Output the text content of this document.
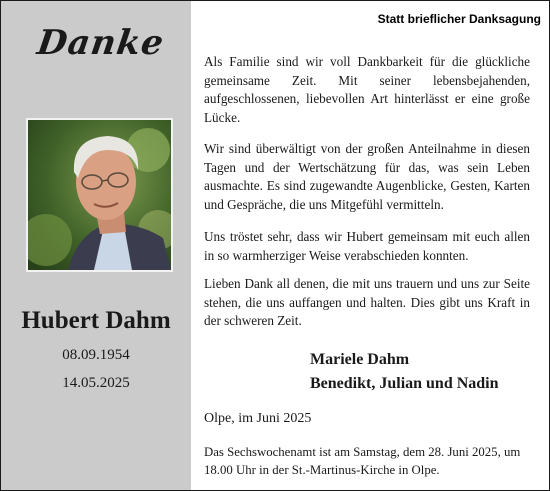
Danke
Hubert Dahm
08.09.1954
14.05.2025
Statt brieflicher Danksagung

Als Familie sind wir voll Dankbarkeit für die glückliche gemeinsame Zeit. Mit seiner lebensbejahenden, aufgeschlossenen, liebevollen Art hinterlässt er eine große Lücke.

Wir sind überwältigt von der großen Anteilnahme in diesen Tagen und der Wertschätzung für das, was sein Leben ausmachte. Es sind zugewandte Augenblicke, Gesten, Karten und Gespräche, die uns Mitgefühl vermitteln.

Uns tröstet sehr, dass wir Hubert gemeinsam mit euch allen in so warmherziger Weise verabschieden konnten.

Lieben Dank all denen, die mit uns trauern und uns zur Seite stehen, die uns auffangen und halten. Dies gibt uns Kraft in der schweren Zeit.

Mariele Dahm
Benedikt, Julian und Nadin
Olpe, im Juni 2025
Das Sechswochenamt ist am Samstag, dem 28. Juni 2025, um 18.00 Uhr in der St.-Martinus-Kirche in Olpe.
